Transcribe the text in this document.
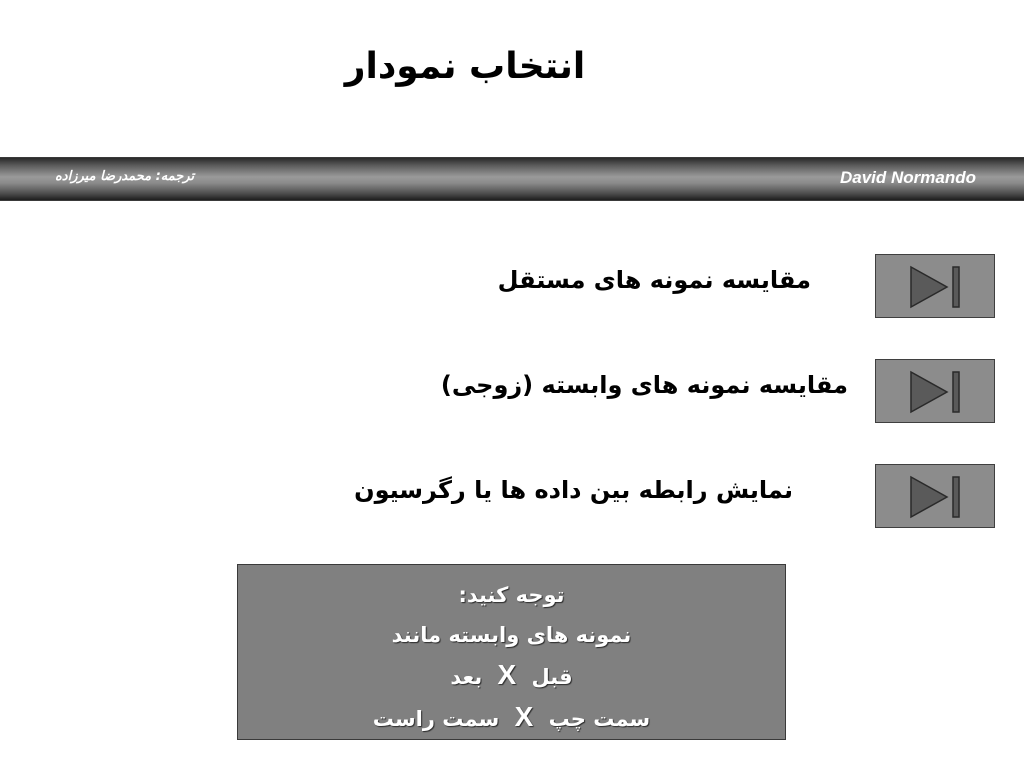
انتخاب نمودار
ترجمه: محمدرضا میرزاده	David Normando
مقایسه نمونه های مستقل
مقایسه نمونه های وابسته (زوجی)
نمایش رابطه بین داده ها یا رگرسیون
توجه کنید:
نمونه های وابسته مانند
قبل X بعد
سمت چپ X سمت راست
